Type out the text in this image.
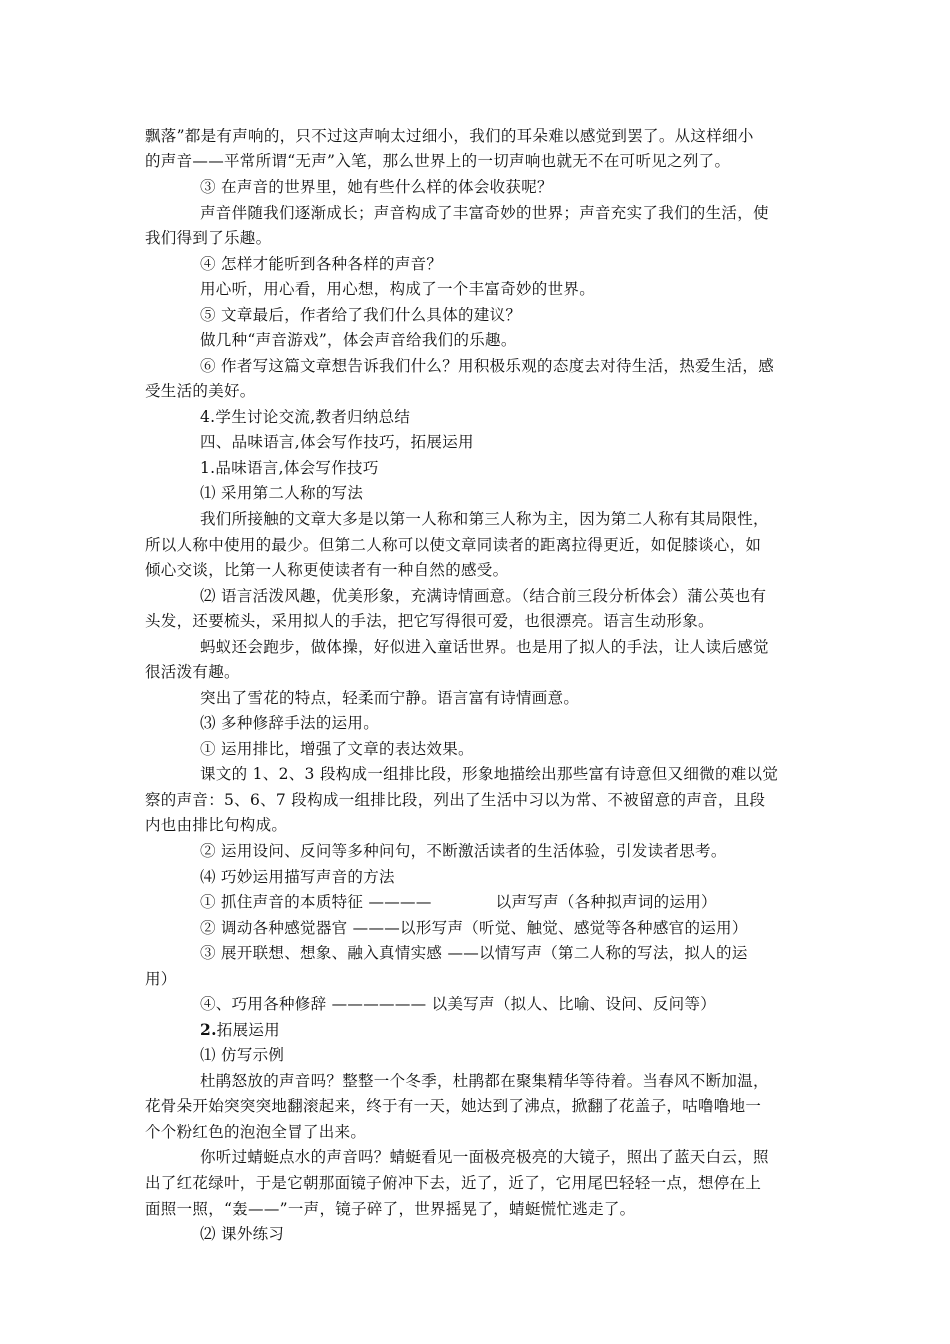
飘落”都是有声响的，只不过这声响太过细小，我们的耳朵难以感觉到罢了。从这样细小
的声音——平常所谓“无声”入笔，那么世界上的一切声响也就无不在可听见之列了。
③ 在声音的世界里，她有些什么样的体会收获呢？
声音伴随我们逐渐成长；声音构成了丰富奇妙的世界；声音充实了我们的生活，使
我们得到了乐趣。
④ 怎样才能听到各种各样的声音？
用心听，用心看，用心想，构成了一个丰富奇妙的世界。
⑤ 文章最后，作者给了我们什么具体的建议？
做几种“声音游戏”，体会声音给我们的乐趣。
⑥ 作者写这篇文章想告诉我们什么？用积极乐观的态度去对待生活，热爱生活，感
受生活的美好。
4.学生讨论交流,教者归纳总结
四、品味语言,体会写作技巧，拓展运用
1.品味语言,体会写作技巧
⑴ 采用第二人称的写法
我们所接触的文章大多是以第一人称和第三人称为主，因为第二人称有其局限性，
所以人称中使用的最少。但第二人称可以使文章同读者的距离拉得更近，如促膝谈心，如
倾心交谈，比第一人称更使读者有一种自然的感受。
⑵ 语言活泼风趣，优美形象，充满诗情画意。（结合前三段分析体会）蒲公英也有
头发，还要梳头，采用拟人的手法，把它写得很可爱，也很漂亮。语言生动形象。
蚂蚁还会跑步，做体操，好似进入童话世界。也是用了拟人的手法，让人读后感觉
很活泼有趣。
突出了雪花的特点，轻柔而宁静。语言富有诗情画意。
⑶ 多种修辞手法的运用。
① 运用排比，增强了文章的表达效果。
课文的 1、2、3 段构成一组排比段，形象地描绘出那些富有诗意但又细微的难以觉
察的声音：5、6、7 段构成一组排比段，列出了生活中习以为常、不被留意的声音，且段
内也由排比句构成。
② 运用设问、反问等多种问句，不断激活读者的生活体验，引发读者思考。
⑷ 巧妙运用描写声音的方法
① 抓住声音的本质特征 ————	以声写声（各种拟声词的运用）
② 调动各种感觉器官 ———以形写声（听觉、触觉、感觉等各种感官的运用）
③ 展开联想、想象、融入真情实感 ——以情写声（第二人称的写法，拟人的运
用）
④、巧用各种修辞 —————— 以美写声（拟人、比喻、设问、反问等）
2.拓展运用
⑴ 仿写示例
杜鹃怒放的声音吗？整整一个冬季，杜鹃都在聚集精华等待着。当春风不断加温，
花骨朵开始突突突地翻滚起来，终于有一天，她达到了沸点，掀翻了花盖子，咕噜噜地一
个个粉红色的泡泡全冒了出来。
你听过蜻蜓点水的声音吗？蜻蜓看见一面极亮极亮的大镜子，照出了蓝天白云，照
出了红花绿叶，于是它朝那面镜子俯冲下去，近了，近了，它用尾巴轻轻一点，想停在上
面照一照，“轰——”一声，镜子碎了，世界摇晃了，蜻蜓慌忙逃走了。
⑵ 课外练习
